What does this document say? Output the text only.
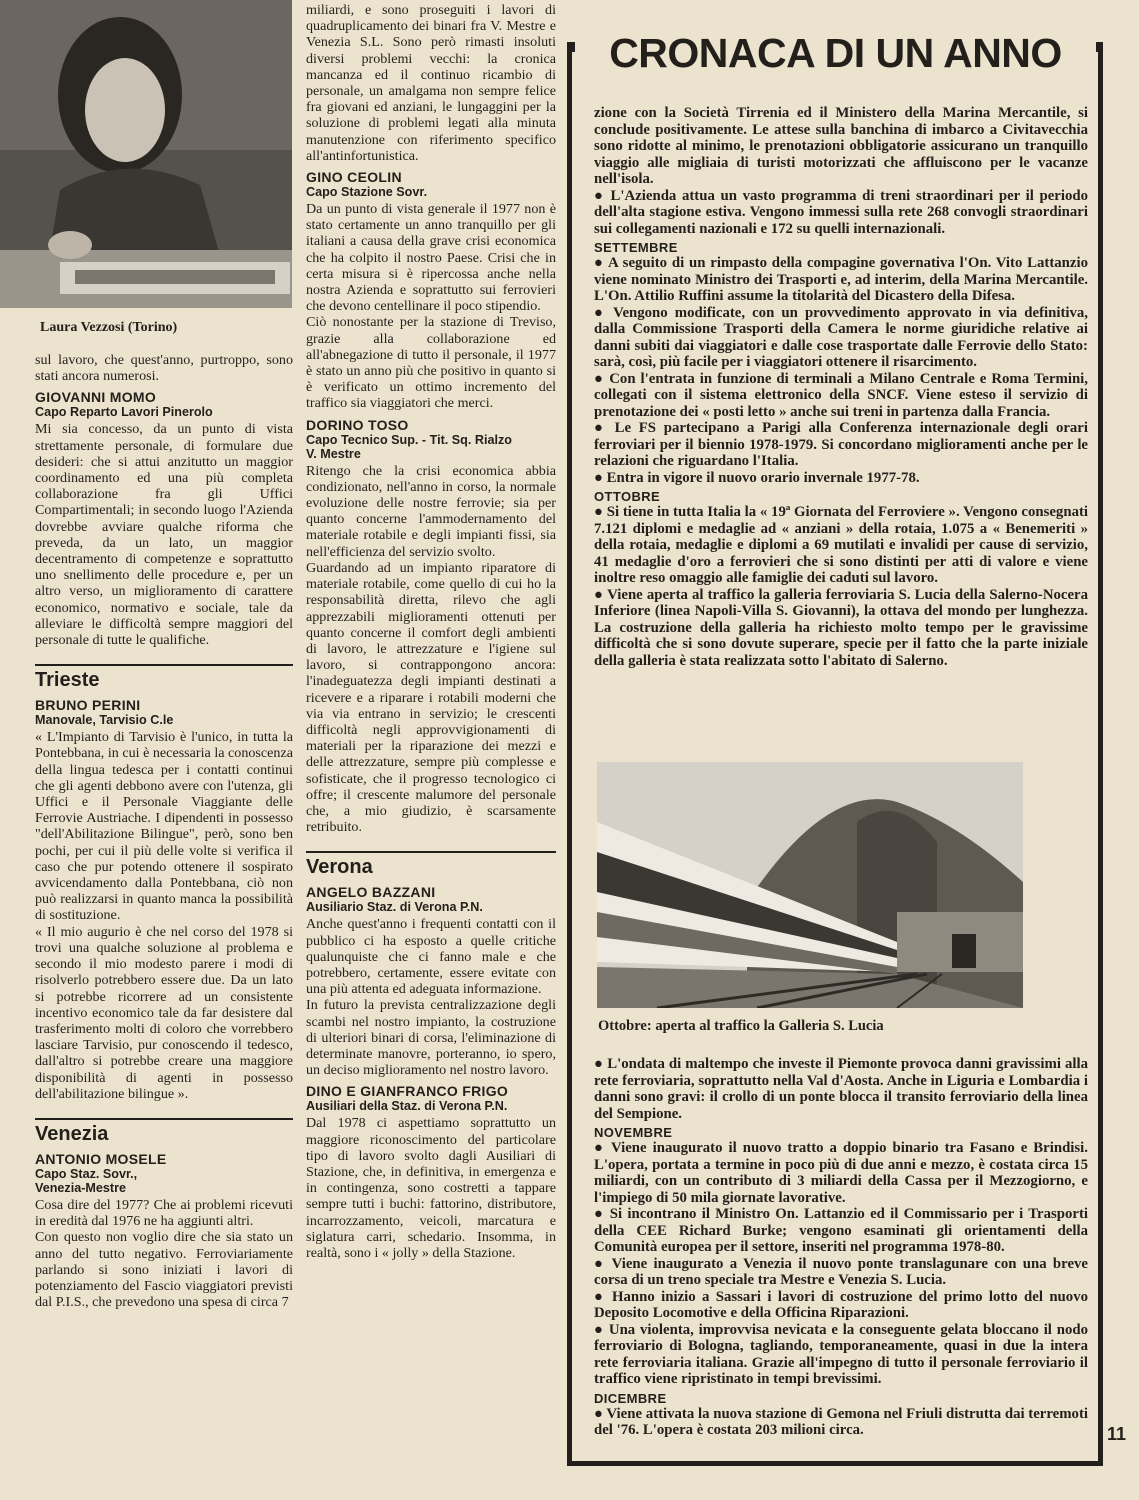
Laura Vezzosi (Torino)

sul lavoro, che quest'anno, purtroppo, sono stati ancora numerosi.

GIOVANNI MOMO

Capo Reparto Lavori Pinerolo

Mi sia concesso, da un punto di vista strettamente personale, di formulare due desideri: che si attui anzitutto un maggior coordinamento ed una più completa collaborazione fra gli Uffici Compartimentali; in secondo luogo l'Azienda dovrebbe avviare qualche riforma che preveda, da un lato, un maggior decentramento di competenze e soprattutto uno snellimento delle procedure e, per un altro verso, un miglioramento di carattere economico, normativo e sociale, tale da alleviare le difficoltà sempre maggiori del personale di tutte le qualifiche.

Trieste

BRUNO PERINI

Manovale, Tarvisio C.le

« L'Impianto di Tarvisio è l'unico, in tutta la Pontebbana, in cui è necessaria la conoscenza della lingua tedesca per i contatti continui che gli agenti debbono avere con l'utenza, gli Uffici e il Personale Viaggiante delle Ferrovie Austriache. I dipendenti in possesso "dell'Abilitazione Bilingue", però, sono ben pochi, per cui il più delle volte si verifica il caso che pur potendo ottenere il sospirato avvicendamento dalla Pontebbana, ciò non può realizzarsi in quanto manca la possibilità di sostituzione.

« Il mio augurio è che nel corso del 1978 si trovi una qualche soluzione al problema e secondo il mio modesto parere i modi di risolverlo potrebbero essere due. Da un lato si potrebbe ricorrere ad un consistente incentivo economico tale da far desistere dal trasferimento molti di coloro che vorrebbero lasciare Tarvisio, pur conoscendo il tedesco, dall'altro si potrebbe creare una maggiore disponibilità di agenti in possesso dell'abilitazione bilingue ».

Venezia

ANTONIO MOSELE

Capo Staz. Sovr.,

Venezia-Mestre

Cosa dire del 1977? Che ai problemi ricevuti in eredità dal 1976 ne ha aggiunti altri.

Con questo non voglio dire che sia stato un anno del tutto negativo. Ferroviariamente parlando si sono iniziati i lavori di potenziamento del Fascio viaggiatori previsti dal P.I.S., che prevedono una spesa di circa 7

miliardi, e sono proseguiti i lavori di quadruplicamento dei binari fra V. Mestre e Venezia S.L. Sono però rimasti insoluti diversi problemi vecchi: la cronica mancanza ed il continuo ricambio di personale, un amalgama non sempre felice fra giovani ed anziani, le lungaggini per la soluzione di problemi legati alla minuta manutenzione con riferimento specifico all'antinfortunistica.

GINO CEOLIN

Capo Stazione Sovr.

Da un punto di vista generale il 1977 non è stato certamente un anno tranquillo per gli italiani a causa della grave crisi economica che ha colpito il nostro Paese. Crisi che in certa misura si è ripercossa anche nella nostra Azienda e soprattutto sui ferrovieri che devono centellinare il poco stipendio.

Ciò nonostante per la stazione di Treviso, grazie alla collaborazione ed all'abnegazione di tutto il personale, il 1977 è stato un anno più che positivo in quanto si è verificato un ottimo incremento del traffico sia viaggiatori che merci.

DORINO TOSO

Capo Tecnico Sup. - Tit. Sq. Rialzo

V. Mestre

Ritengo che la crisi economica abbia condizionato, nell'anno in corso, la normale evoluzione delle nostre ferrovie; sia per quanto concerne l'ammodernamento del materiale rotabile e degli impianti fissi, sia nell'efficienza del servizio svolto.

Guardando ad un impianto riparatore di materiale rotabile, come quello di cui ho la responsabilità diretta, rilevo che agli apprezzabili miglioramenti ottenuti per quanto concerne il comfort degli ambienti di lavoro, le attrezzature e l'igiene sul lavoro, si contrappongono ancora: l'inadeguatezza degli impianti destinati a ricevere e a riparare i rotabili moderni che via via entrano in servizio; le crescenti difficoltà negli approvvigionamenti di materiali per la riparazione dei mezzi e delle attrezzature, sempre più complesse e sofisticate, che il progresso tecnologico ci offre; il crescente malumore del personale che, a mio giudizio, è scarsamente retribuito.

Verona

ANGELO BAZZANI

Ausiliario Staz. di Verona P.N.

Anche quest'anno i frequenti contatti con il pubblico ci ha esposto a quelle critiche qualunquiste che ci fanno male e che potrebbero, certamente, essere evitate con una più attenta ed adeguata informazione.

In futuro la prevista centralizzazione degli scambi nel nostro impianto, la costruzione di ulteriori binari di corsa, l'eliminazione di determinate manovre, porteranno, io spero, un deciso miglioramento nel nostro lavoro.

DINO E GIANFRANCO FRIGO

Ausiliari della Staz. di Verona P.N.

Dal 1978 ci aspettiamo soprattutto un maggiore riconoscimento del particolare tipo di lavoro svolto dagli Ausiliari di Stazione, che, in definitiva, in emergenza e in contingenza, sono costretti a tappare sempre tutti i buchi: fattorino, distributore, incarrozzamento, veicoli, marcatura e siglatura carri, schedario. Insomma, in realtà, sono i « jolly » della Stazione.

CRONACA DI UN ANNO

zione con la Società Tirrenia ed il Ministero della Marina Mercantile, si conclude positivamente. Le attese sulla banchina di imbarco a Civitavecchia sono ridotte al minimo, le prenotazioni obbligatorie assicurano un tranquillo viaggio alle migliaia di turisti motorizzati che affluiscono per le vacanze nell'isola.

● L'Azienda attua un vasto programma di treni straordinari per il periodo dell'alta stagione estiva. Vengono immessi sulla rete 268 convogli straordinari sui collegamenti nazionali e 172 su quelli internazionali.

SETTEMBRE

● A seguito di un rimpasto della compagine governativa l'On. Vito Lattanzio viene nominato Ministro dei Trasporti e, ad interim, della Marina Mercantile. L'On. Attilio Ruffini assume la titolarità del Dicastero della Difesa.

● Vengono modificate, con un provvedimento approvato in via definitiva, dalla Commissione Trasporti della Camera le norme giuridiche relative ai danni subiti dai viaggiatori e dalle cose trasportate dalle Ferrovie dello Stato: sarà, così, più facile per i viaggiatori ottenere il risarcimento.

● Con l'entrata in funzione di terminali a Milano Centrale e Roma Termini, collegati con il sistema elettronico della SNCF. Viene esteso il servizio di prenotazione dei « posti letto » anche sui treni in partenza dalla Francia.

● Le FS partecipano a Parigi alla Conferenza internazionale degli orari ferroviari per il biennio 1978-1979. Si concordano miglioramenti anche per le relazioni che riguardano l'Italia.

● Entra in vigore il nuovo orario invernale 1977-78.

OTTOBRE

● Si tiene in tutta Italia la « 19ª Giornata del Ferroviere ». Vengono consegnati 7.121 diplomi e medaglie ad « anziani » della rotaia, 1.075 a « Benemeriti » della rotaia, medaglie e diplomi a 69 mutilati e invalidi per cause di servizio, 41 medaglie d'oro a ferrovieri che si sono distinti per atti di valore e viene inoltre reso omaggio alle famiglie dei caduti sul lavoro.

● Viene aperta al traffico la galleria ferroviaria S. Lucia della Salerno-Nocera Inferiore (linea Napoli-Villa S. Giovanni), la ottava del mondo per lunghezza. La costruzione della galleria ha richiesto molto tempo per le gravissime difficoltà che si sono dovute superare, specie per il fatto che la parte iniziale della galleria è stata realizzata sotto l'abitato di Salerno.

Ottobre: aperta al traffico la Galleria S. Lucia

● L'ondata di maltempo che investe il Piemonte provoca danni gravissimi alla rete ferroviaria, soprattutto nella Val d'Aosta. Anche in Liguria e Lombardia i danni sono gravi: il crollo di un ponte blocca il transito ferroviario della linea del Sempione.

NOVEMBRE

● Viene inaugurato il nuovo tratto a doppio binario tra Fasano e Brindisi. L'opera, portata a termine in poco più di due anni e mezzo, è costata circa 15 miliardi, con un contributo di 3 miliardi della Cassa per il Mezzogiorno, e l'impiego di 50 mila giornate lavorative.

● Si incontrano il Ministro On. Lattanzio ed il Commissario per i Trasporti della CEE Richard Burke; vengono esaminati gli orientamenti della Comunità europea per il settore, inseriti nel programma 1978-80.

● Viene inaugurato a Venezia il nuovo ponte translagunare con una breve corsa di un treno speciale tra Mestre e Venezia S. Lucia.

● Hanno inizio a Sassari i lavori di costruzione del primo lotto del nuovo Deposito Locomotive e della Officina Riparazioni.

● Una violenta, improvvisa nevicata e la conseguente gelata bloccano il nodo ferroviario di Bologna, tagliando, temporaneamente, quasi in due la intera rete ferroviaria italiana. Grazie all'impegno di tutto il personale ferroviario il traffico viene ripristinato in tempi brevissimi.

DICEMBRE

● Viene attivata la nuova stazione di Gemona nel Friuli distrutta dai terremoti del '76. L'opera è costata 203 milioni circa.	11
